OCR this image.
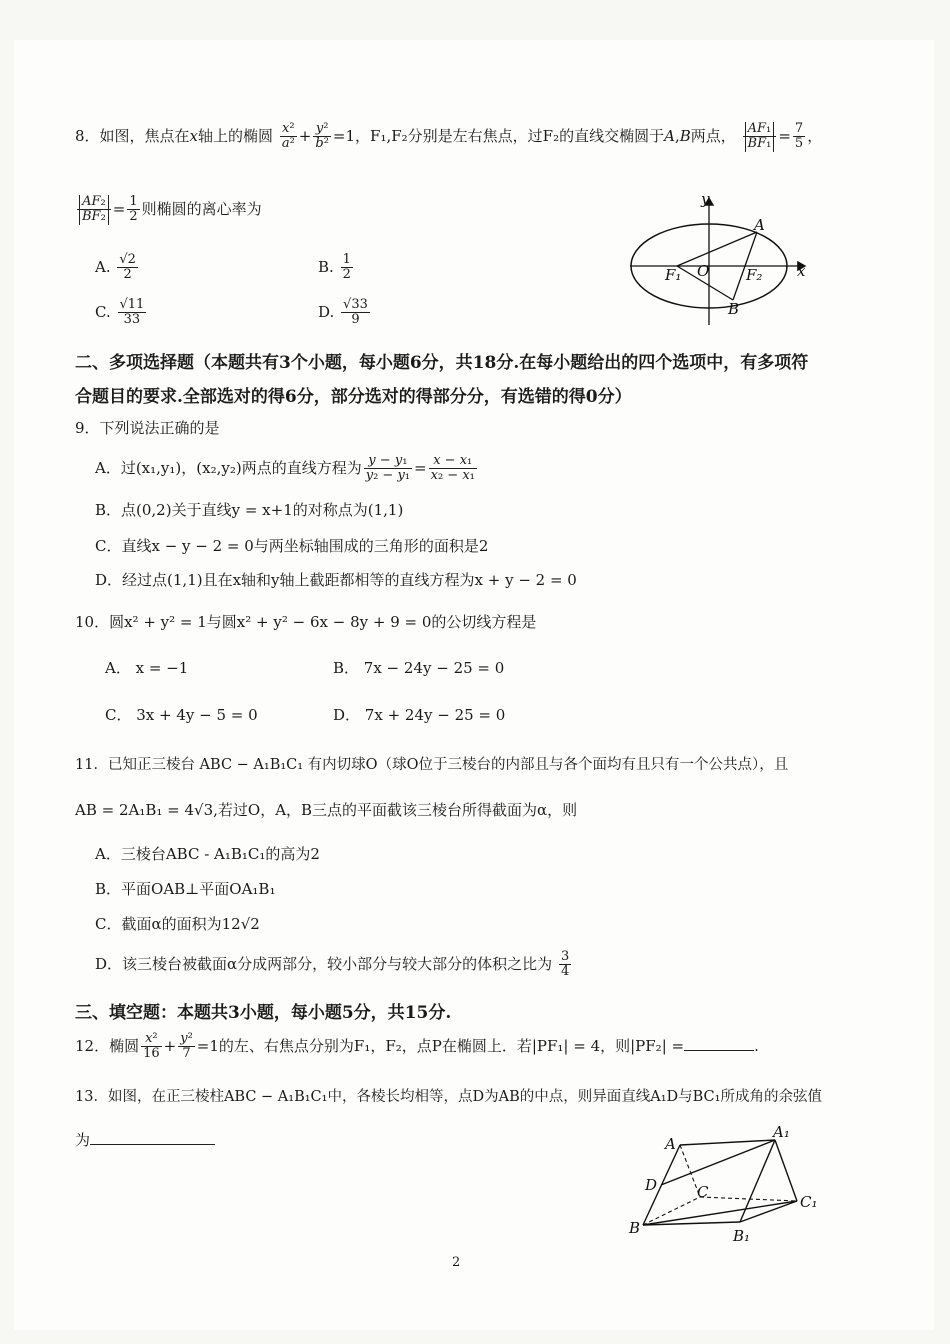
8．如图，焦点在x轴上的椭圆 $\frac{\text{x²}}{\text{a²}} + \frac{\text{y²}}{\text{b²}} =1$，F₁,F₂分别是左右焦点，过F₂的直线交椭圆于A,B两点， $\frac{\text{AF₁}}{\text{BF₁}} = \frac{7}{5}$ ，
$\frac{\text{AF₂}}{\text{BF₂}} = \frac{1}{2}$ 则椭圆的离心率为
A. $\frac{√2}{2}$	B. $\frac{1}{2}$
C. $\frac{√11}{33}$	D. $\frac{√33}{9}$
y
x
A
B
F₁ O F₂
二、多项选择题（本题共有3个小题，每小题6分，共18分.在每小题给出的四个选项中，有多项符
合题目的要求.全部选对的得6分，部分选对的得部分分，有选错的得0分）
9．下列说法正确的是
A．过(x₁,y₁)，(x₂,y₂)两点的直线方程为 $\frac{\text{y − y₁}}{\text{y₂ − y₁}} = \frac{\text{x − x₁}}{\text{x₂ − x₁}}$
B．点(0,2)关于直线y = x+1的对称点为(1,1)
C．直线x − y − 2 = 0与两坐标轴围成的三角形的面积是2
D．经过点(1,1)且在x轴和y轴上截距都相等的直线方程为x + y − 2 = 0
10．圆x² + y² = 1与圆x² + y² − 6x − 8y + 9 = 0的公切线方程是
A． x = −1	B． 7x − 24y − 25 = 0
C． 3x + 4y − 5 = 0	D． 7x + 24y − 25 = 0
11．已知正三棱台 ABC − A₁B₁C₁ 有内切球O（球O位于三棱台的内部且与各个面均有且只有一个公共点），且
AB = 2A₁B₁ = 4√3,若过O，A，B三点的平面截该三棱台所得截面为α，则
A．三棱台ABC - A₁B₁C₁的高为2
B．平面OAB⊥平面OA₁B₁
C．截面α的面积为12√2
D．该三棱台被截面α分成两部分，较小部分与较大部分的体积之比为 $\frac{3}{4}$
三、填空题：本题共3小题，每小题5分，共15分.
12．椭圆 $\frac{\text{x²}}{16} + \frac{\text{y²}}{7} =1$的左、右焦点分别为F₁，F₂，点P在椭圆上．若|PF₁| = 4，则|PF₂| =	.
13．如图，在正三棱柱ABC − A₁B₁C₁中，各棱长均相等，点D为AB的中点，则异面直线A₁D与BC₁所成角的余弦值
为	A
A₁
D	C
C₁
B	B₁
2
